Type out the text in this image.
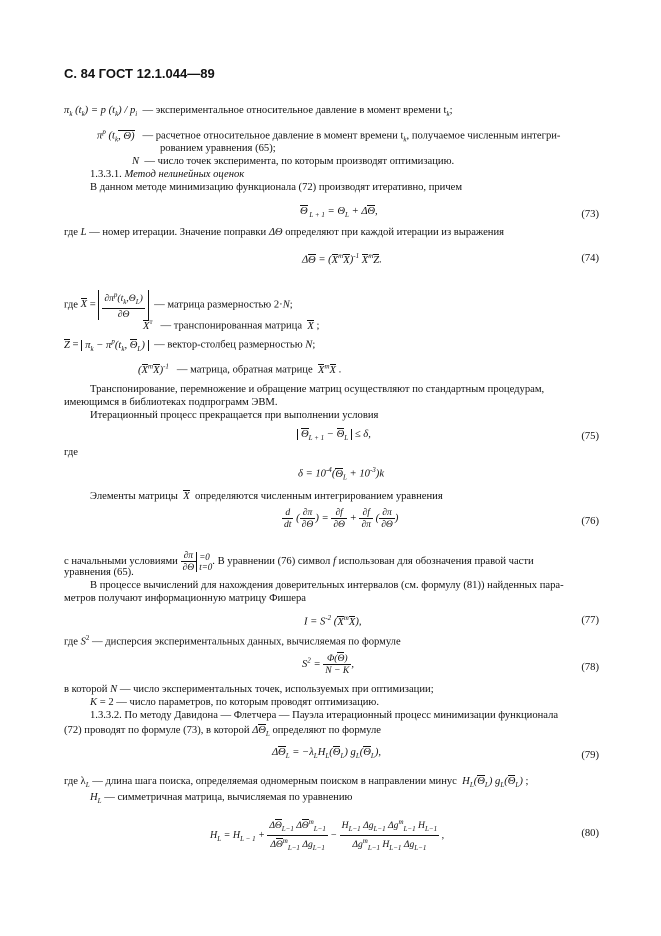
С. 84 ГОСТ 12.1.044—89
$\pi_k$ $(t_k) = p$ $(t_k) / p_i$ — экспериментальное относительное давление в момент времени $t_k$;
$\pi^p$ ($t_k$, Θ) — расчетное относительное давление в момент времени $t_k$, получаемое численным интегри-
рованием уравнения (65);
N — число точек эксперимента, по которым производят оптимизацию.
1.3.3.1. Метод нелинейных оценок
В данном методе минимизацию функционала (72) производят итеративно, причем
Θ $_{L + 1} = \Theta_L + \Delta\Theta$,	(73)
где L — номер итерации. Значение поправки ΔΘ определяют при каждой итерации из выражения
$\Delta\Theta = (X^тX)^{-1}$ $X^тZ$.	(74)
где $X = \frac{\partial\pi^p(t_k,\Theta_L)}{\partial\Theta}$ — матрица размерностью 2·N;
$X^т$ — транспонированная матрица X ;
$Z = \pi_k - \pi^p(t_k$, $\Theta_L$) — вектор-столбец размерностью N;
$(X^тX)^{-1}$ — матрица, обратная матрице $X^тX$ .
Транспонирование, перемножение и обращение матриц осуществляют по стандартным процедурам,
имеющимся в библиотеках подпрограмм ЭВМ.
Итерационный процесс прекращается при выполнении условия
$\Theta_{L + 1} - \Theta_L \le \delta$,	(75)
где
$\delta = 10^{-4}(\Theta_L + 10^{-3})k$
Элементы матрицы X определяются численным интегрированием уравнения
$\frac{d}{dt}$ ( $\frac{\partial\pi}{\partial\Theta}$ ) = $\frac{\partial f}{\partial\Theta} + \frac{\partial f}{\partial\pi}$ ( $\frac{\partial\pi}{\partial\Theta}$ )	(76)
с начальными условиями $\frac{\partial\pi}{\partial\Theta} =0$
t=0. В уравнении (76) символ f использован для обозначения правой части
уравнения (65).
В процессе вычислений для нахождения доверительных интервалов (см. формулу (81)) найденных пара-
метров получают информационную матрицу Фишера
$I = S^{-2}$ $(X^тX)$,	(77)
где $S^2$ — дисперсия экспериментальных данных, вычисляемая по формуле
$S^2 = \frac{\Phi(\Theta)}{N - K}$ ,	(78)
в которой N — число экспериментальных точек, используемых при оптимизации;
K = 2 — число параметров, по которым проводят оптимизацию.
1.3.3.2. По методу Давидона — Флетчера — Пауэла итерационный процесс минимизации функционала
(72) проводят по формуле (73), в которой $\Delta\Theta_L$ определяют по формуле
$\Delta\Theta_L = -\lambda_LH_L(\Theta_L)$ $g_L(\Theta_L)$,	(79)
где $\lambda_L$ — длина шага поиска, определяемая одномерным поиском в направлении минус $H_L(\Theta_L)$ $g_L(\Theta_L)$ ;
$H_L$ — симметричная матрица, вычисляемая по уравнению
$H_L = H_{L - 1} + \frac{\Delta\Theta_{L-1} \Delta\Theta^т_{L-1}}{\Delta\Theta^т_{L-1} \Delta g_{L-1}} - \frac{H_{L-1} \Delta g_{L-1} \Delta g^т_{L-1} H_{L-1}}{\Delta g^т_{L-1} H_{L-1} \Delta g_{L-1}}$ ,	(80)
